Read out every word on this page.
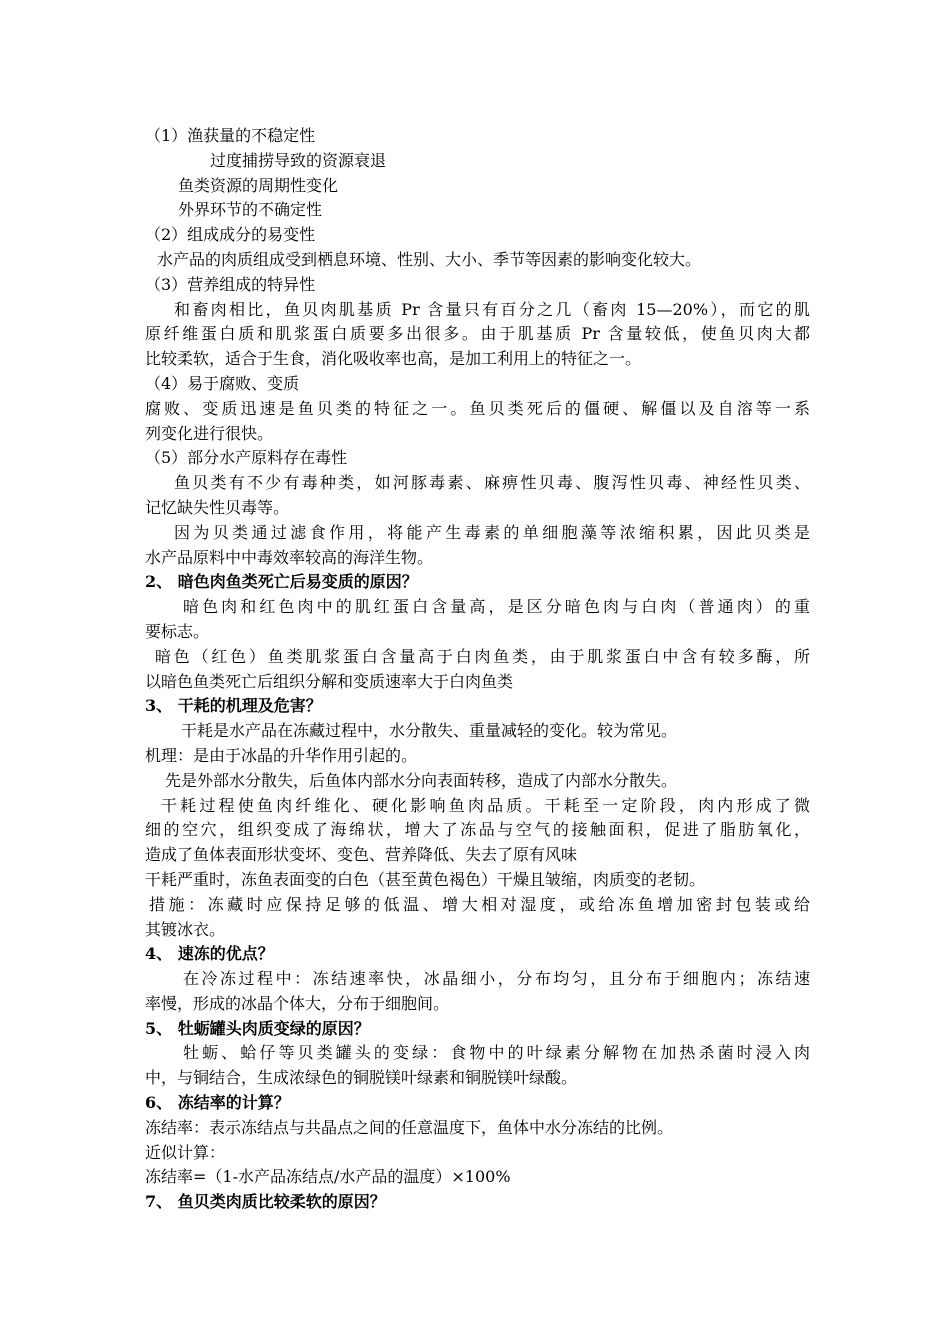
（1）渔获量的不稳定性
过度捕捞导致的资源衰退
鱼类资源的周期性变化
外界环节的不确定性
（2）组成成分的易变性
水产品的肉质组成受到栖息环境、性别、大小、季节等因素的影响变化较大。
（3）营养组成的特异性
和畜肉相比，鱼贝肉肌基质 Pr 含量只有百分之几（畜肉 15—20%），而它的肌
原纤维蛋白质和肌浆蛋白质要多出很多。由于肌基质 Pr 含量较低，使鱼贝肉大都
比较柔软，适合于生食，消化吸收率也高，是加工利用上的特征之一。
（4）易于腐败、变质
腐败、变质迅速是鱼贝类的特征之一。鱼贝类死后的僵硬、解僵以及自溶等一系
列变化进行很快。
（5）部分水产原料存在毒性
鱼贝类有不少有毒种类，如河豚毒素、麻痹性贝毒、腹泻性贝毒、神经性贝类、
记忆缺失性贝毒等。
因为贝类通过滤食作用，将能产生毒素的单细胞藻等浓缩积累，因此贝类是
水产品原料中中毒效率较高的海洋生物。
2、 暗色肉鱼类死亡后易变质的原因？
暗色肉和红色肉中的肌红蛋白含量高，是区分暗色肉与白肉（普通肉）的重
要标志。
暗色（红色）鱼类肌浆蛋白含量高于白肉鱼类，由于肌浆蛋白中含有较多酶，所
以暗色鱼类死亡后组织分解和变质速率大于白肉鱼类
3、 干耗的机理及危害？
干耗是水产品在冻藏过程中，水分散失、重量减轻的变化。较为常见。
机理：是由于冰晶的升华作用引起的。
先是外部水分散失，后鱼体内部水分向表面转移，造成了内部水分散失。
干耗过程使鱼肉纤维化、硬化影响鱼肉品质。干耗至一定阶段，肉内形成了微
细的空穴，组织变成了海绵状，增大了冻品与空气的接触面积，促进了脂肪氧化，
造成了鱼体表面形状变坏、变色、营养降低、失去了原有风味
干耗严重时，冻鱼表面变的白色（甚至黄色褐色）干燥且皱缩，肉质变的老韧。
措施：冻藏时应保持足够的低温、增大相对湿度，或给冻鱼增加密封包装或给
其镀冰衣。
4、 速冻的优点？
在冷冻过程中：冻结速率快，冰晶细小，分布均匀，且分布于细胞内；冻结速
率慢，形成的冰晶个体大，分布于细胞间。
5、 牡蛎罐头肉质变绿的原因？
牡蛎、蛤仔等贝类罐头的变绿：食物中的叶绿素分解物在加热杀菌时浸入肉
中，与铜结合，生成浓绿色的铜脱镁叶绿素和铜脱镁叶绿酸。
6、 冻结率的计算？
冻结率：表示冻结点与共晶点之间的任意温度下，鱼体中水分冻结的比例。
近似计算：
冻结率=（1-水产品冻结点/水产品的温度）×100%
7、 鱼贝类肉质比较柔软的原因？
